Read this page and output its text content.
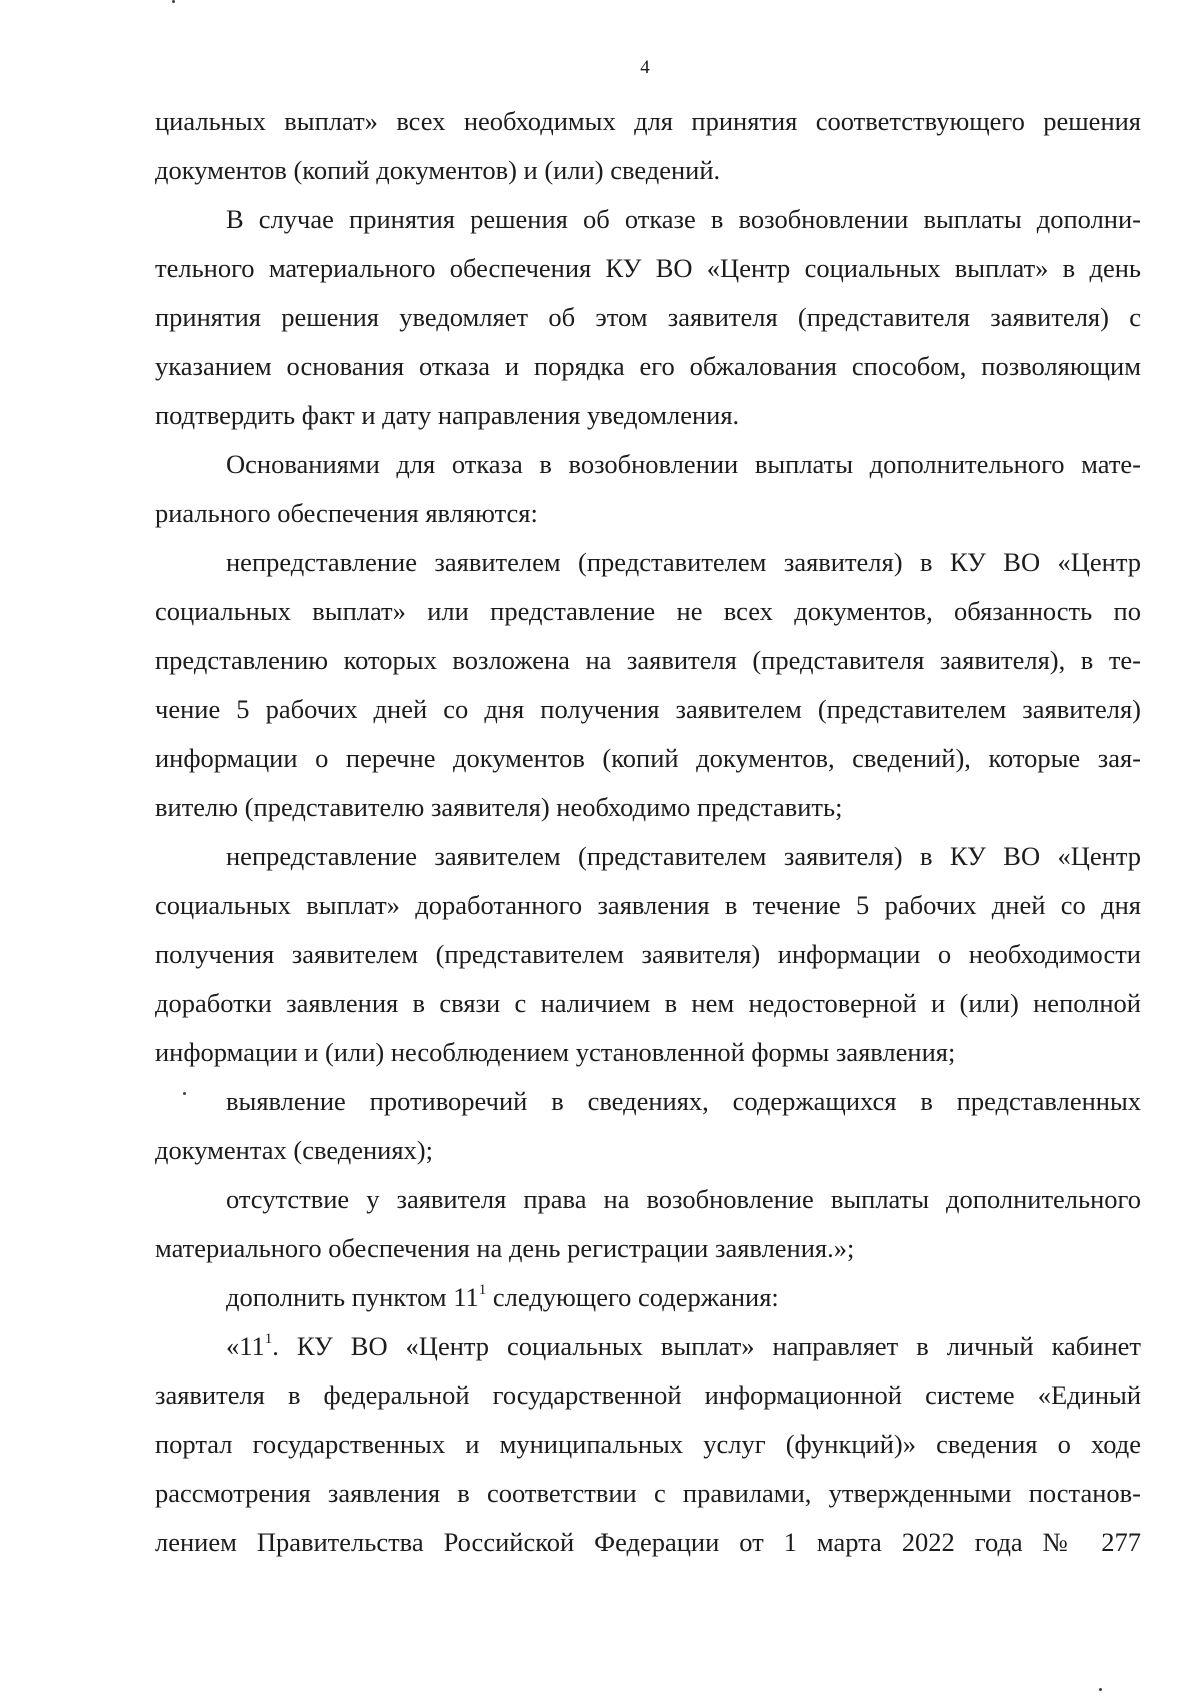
4
циальных выплат» всех необходимых для принятия соответствующего решения
документов (копий документов) и (или) сведений.
В случае принятия решения об отказе в возобновлении выплаты дополни-
тельного материального обеспечения КУ ВО «Центр социальных выплат» в день
принятия решения уведомляет об этом заявителя (представителя заявителя) с
указанием основания отказа и порядка его обжалования способом, позволяющим
подтвердить факт и дату направления уведомления.
Основаниями для отказа в возобновлении выплаты дополнительного мате-
риального обеспечения являются:
непредставление заявителем (представителем заявителя) в КУ ВО «Центр
социальных выплат» или представление не всех документов, обязанность по
представлению которых возложена на заявителя (представителя заявителя), в те-
чение 5 рабочих дней со дня получения заявителем (представителем заявителя)
информации о перечне документов (копий документов, сведений), которые зая-
вителю (представителю заявителя) необходимо представить;
непредставление заявителем (представителем заявителя) в КУ ВО «Центр
социальных выплат» доработанного заявления в течение 5 рабочих дней со дня
получения заявителем (представителем заявителя) информации о необходимости
доработки заявления в связи с наличием в нем недостоверной и (или) неполной
информации и (или) несоблюдением установленной формы заявления;
выявление противоречий в сведениях, содержащихся в представленных
документах (сведениях);
отсутствие у заявителя права на возобновление выплаты дополнительного
материального обеспечения на день регистрации заявления.»;
дополнить пунктом $11^1$ следующего содержания:
«$11^1$. КУ ВО «Центр социальных выплат» направляет в личный кабинет
заявителя в федеральной государственной информационной системе «Единый
портал государственных и муниципальных услуг (функций)» сведения о ходе
рассмотрения заявления в соответствии с правилами, утвержденными постанов-
лением Правительства Российской Федерации от 1 марта 2022 года № 277
